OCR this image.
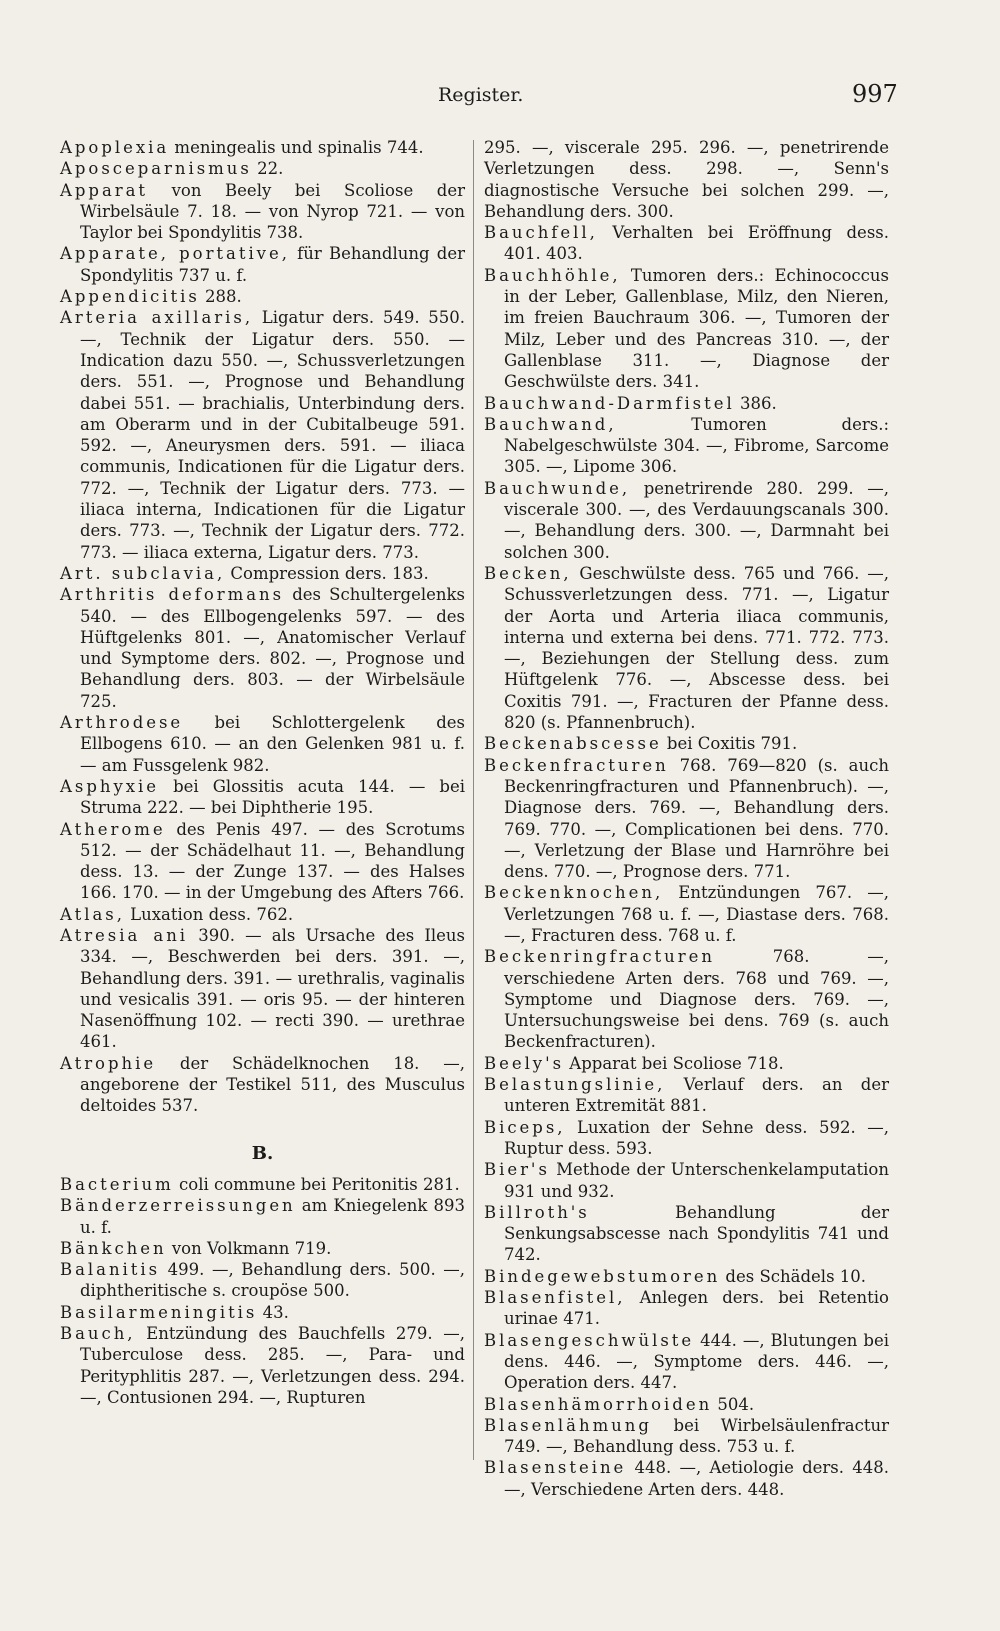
Register.	997

Apoplexia meningealis und spinalis 744.

Aposceparnismus 22.

Apparat von Beely bei Scoliose der Wirbelsäule 7. 18. — von Nyrop 721. — von Taylor bei Spondylitis 738.

Apparate, portative, für Behandlung der Spondylitis 737 u. f.

Appendicitis 288.

Arteria axillaris, Ligatur ders. 549. 550. —, Technik der Ligatur ders. 550. — Indication dazu 550. —, Schussverletzungen ders. 551. —, Prognose und Behandlung dabei 551. — brachialis, Unterbindung ders. am Oberarm und in der Cubitalbeuge 591. 592. —, Aneurysmen ders. 591. — iliaca communis, Indicationen für die Ligatur ders. 772. —, Technik der Ligatur ders. 773. — iliaca interna, Indicationen für die Ligatur ders. 773. —, Technik der Ligatur ders. 772. 773. — iliaca externa, Ligatur ders. 773.

Art. subclavia, Compression ders. 183.

Arthritis deformans des Schultergelenks 540. — des Ellbogengelenks 597. — des Hüftgelenks 801. —, Anatomischer Verlauf und Symptome ders. 802. —, Prognose und Behandlung ders. 803. — der Wirbelsäule 725.

Arthrodese bei Schlottergelenk des Ellbogens 610. — an den Gelenken 981 u. f. — am Fussgelenk 982.

Asphyxie bei Glossitis acuta 144. — bei Struma 222. — bei Diphtherie 195.

Atherome des Penis 497. — des Scrotums 512. — der Schädelhaut 11. —, Behandlung dess. 13. — der Zunge 137. — des Halses 166. 170. — in der Umgebung des Afters 766.

Atlas, Luxation dess. 762.

Atresia ani 390. — als Ursache des Ileus 334. —, Beschwerden bei ders. 391. —, Behandlung ders. 391. — urethralis, vaginalis und vesicalis 391. — oris 95. — der hinteren Nasenöffnung 102. — recti 390. — urethrae 461.

Atrophie der Schädelknochen 18. —, angeborene der Testikel 511, des Musculus deltoides 537.

B.

Bacterium coli commune bei Peritonitis 281.

Bänderzerreissungen am Kniegelenk 893 u. f.

Bänkchen von Volkmann 719.

Balanitis 499. —, Behandlung ders. 500. —, diphtheritische s. croupöse 500.

Basilarmeningitis 43.

Bauch, Entzündung des Bauchfells 279. —, Tuberculose dess. 285. —, Para- und Perityphlitis 287. —, Verletzungen dess. 294. —, Contusionen 294. —, Rupturen

295. —, viscerale 295. 296. —, penetrirende Verletzungen dess. 298. —, Senn's diagnostische Versuche bei solchen 299. —, Behandlung ders. 300.

Bauchfell, Verhalten bei Eröffnung dess. 401. 403.

Bauchhöhle, Tumoren ders.: Echinococcus in der Leber, Gallenblase, Milz, den Nieren, im freien Bauchraum 306. —, Tumoren der Milz, Leber und des Pancreas 310. —, der Gallenblase 311. —, Diagnose der Geschwülste ders. 341.

Bauchwand-Darmfistel 386.

Bauchwand, Tumoren ders.: Nabelgeschwülste 304. —, Fibrome, Sarcome 305. —, Lipome 306.

Bauchwunde, penetrirende 280. 299. —, viscerale 300. —, des Verdauungscanals 300. —, Behandlung ders. 300. —, Darmnaht bei solchen 300.

Becken, Geschwülste dess. 765 und 766. —, Schussverletzungen dess. 771. —, Ligatur der Aorta und Arteria iliaca communis, interna und externa bei dens. 771. 772. 773. —, Beziehungen der Stellung dess. zum Hüftgelenk 776. —, Abscesse dess. bei Coxitis 791. —, Fracturen der Pfanne dess. 820 (s. Pfannenbruch).

Beckenabscesse bei Coxitis 791.

Beckenfracturen 768. 769—820 (s. auch Beckenringfracturen und Pfannenbruch). —, Diagnose ders. 769. —, Behandlung ders. 769. 770. —, Complicationen bei dens. 770. —, Verletzung der Blase und Harnröhre bei dens. 770. —, Prognose ders. 771.

Beckenknochen, Entzündungen 767. —, Verletzungen 768 u. f. —, Diastase ders. 768. —, Fracturen dess. 768 u. f.

Beckenringfracturen 768. —, verschiedene Arten ders. 768 und 769. —, Symptome und Diagnose ders. 769. —, Untersuchungsweise bei dens. 769 (s. auch Beckenfracturen).

Beely's Apparat bei Scoliose 718.

Belastungslinie, Verlauf ders. an der unteren Extremität 881.

Biceps, Luxation der Sehne dess. 592. —, Ruptur dess. 593.

Bier's Methode der Unterschenkelamputation 931 und 932.

Billroth's Behandlung der Senkungsabscesse nach Spondylitis 741 und 742.

Bindegewebstumoren des Schädels 10.

Blasenfistel, Anlegen ders. bei Retentio urinae 471.

Blasengeschwülste 444. —, Blutungen bei dens. 446. —, Symptome ders. 446. —, Operation ders. 447.

Blasenhämorrhoiden 504.

Blasenlähmung bei Wirbelsäulenfractur 749. —, Behandlung dess. 753 u. f.

Blasensteine 448. —, Aetiologie ders. 448. —, Verschiedene Arten ders. 448.
